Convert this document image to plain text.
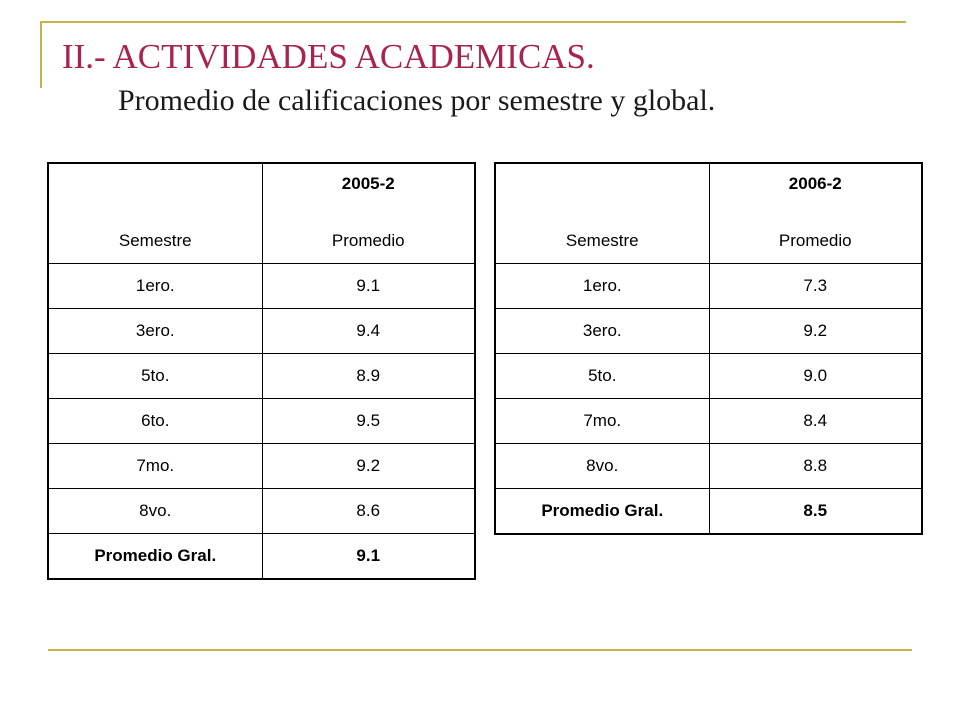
II.- ACTIVIDADES ACADEMICAS.
Promedio de calificaciones por semestre y global.
	2005-2
Semestre	Promedio
1ero.	9.1
3ero.	9.4
5to.	8.9
6to.	9.5
7mo.	9.2
8vo.	8.6
Promedio Gral.	9.1
	2006-2
Semestre	Promedio
1ero.	7.3
3ero.	9.2
5to.	9.0
7mo.	8.4
8vo.	8.8
Promedio Gral.	8.5
